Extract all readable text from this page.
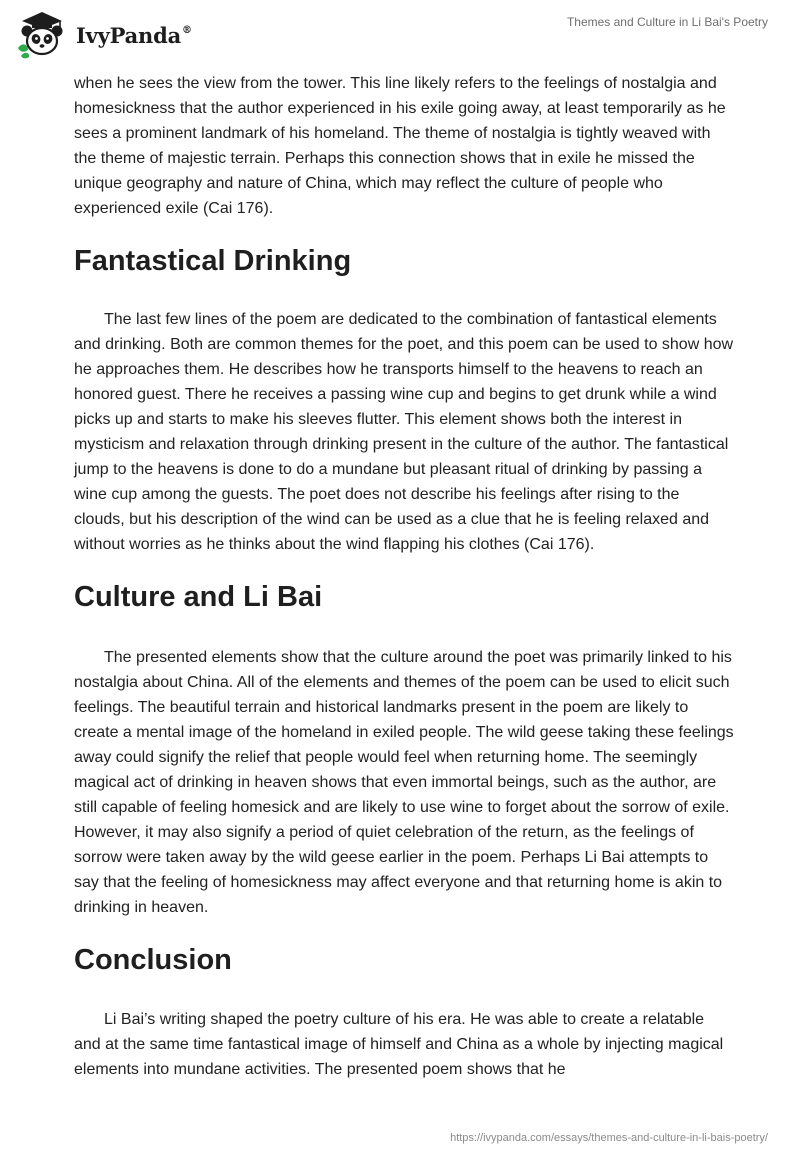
IvyPanda®
Themes and Culture in Li Bai's Poetry

when he sees the view from the tower. This line likely refers to the feelings of nostalgia and homesickness that the author experienced in his exile going away, at least temporarily as he sees a prominent landmark of his homeland. The theme of nostalgia is tightly weaved with the theme of majestic terrain. Perhaps this connection shows that in exile he missed the unique geography and nature of China, which may reflect the culture of people who experienced exile (Cai 176).

Fantastical Drinking

The last few lines of the poem are dedicated to the combination of fantastical elements and drinking. Both are common themes for the poet, and this poem can be used to show how he approaches them. He describes how he transports himself to the heavens to reach an honored guest. There he receives a passing wine cup and begins to get drunk while a wind picks up and starts to make his sleeves flutter. This element shows both the interest in mysticism and relaxation through drinking present in the culture of the author. The fantastical jump to the heavens is done to do a mundane but pleasant ritual of drinking by passing a wine cup among the guests. The poet does not describe his feelings after rising to the clouds, but his description of the wind can be used as a clue that he is feeling relaxed and without worries as he thinks about the wind flapping his clothes (Cai 176).

Culture and Li Bai

The presented elements show that the culture around the poet was primarily linked to his nostalgia about China. All of the elements and themes of the poem can be used to elicit such feelings. The beautiful terrain and historical landmarks present in the poem are likely to create a mental image of the homeland in exiled people. The wild geese taking these feelings away could signify the relief that people would feel when returning home. The seemingly magical act of drinking in heaven shows that even immortal beings, such as the author, are still capable of feeling homesick and are likely to use wine to forget about the sorrow of exile. However, it may also signify a period of quiet celebration of the return, as the feelings of sorrow were taken away by the wild geese earlier in the poem. Perhaps Li Bai attempts to say that the feeling of homesickness may affect everyone and that returning home is akin to drinking in heaven.

Conclusion

Li Bai’s writing shaped the poetry culture of his era. He was able to create a relatable and at the same time fantastical image of himself and China as a whole by injecting magical elements into mundane activities. The presented poem shows that he

https://ivypanda.com/essays/themes-and-culture-in-li-bais-poetry/
